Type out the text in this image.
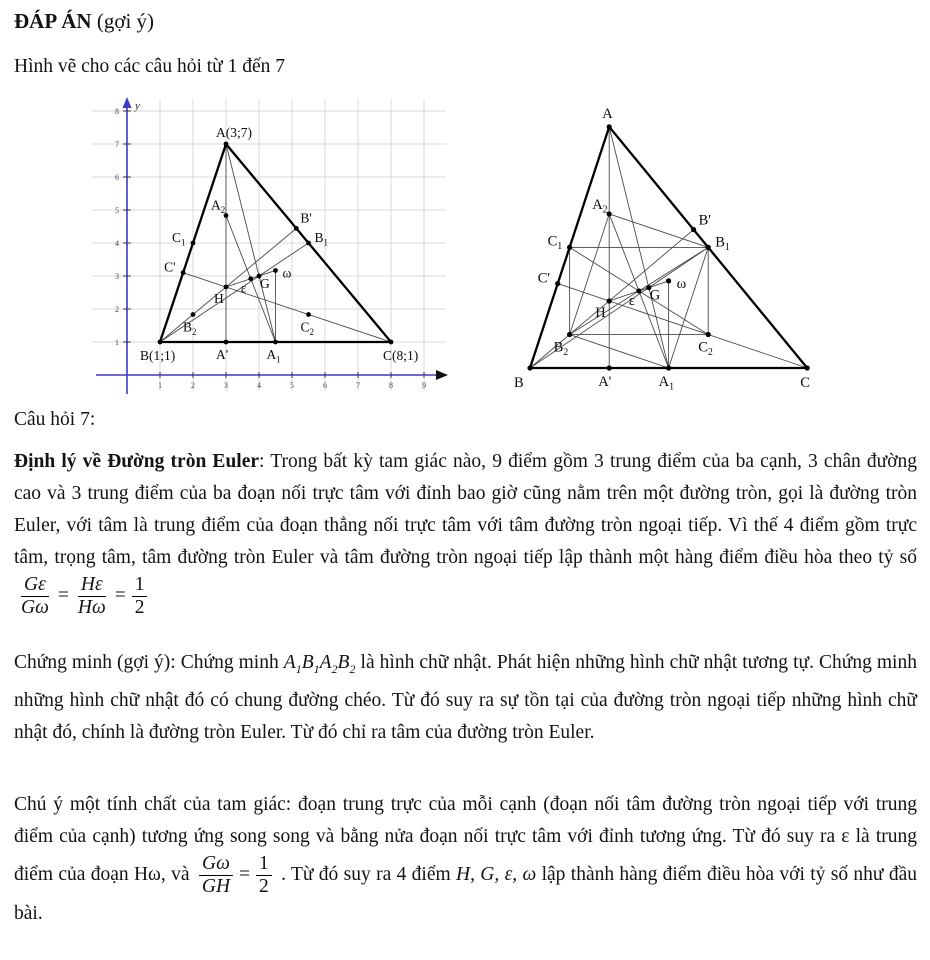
ĐÁP ÁN (gợi ý)
Hình vẽ cho các câu hỏi từ 1 đến 7
y
1	2	3	4	5	6	7	8	9
1
2
3
4
5
6
7
8
A(3;7)
B(1;1)	C(8;1)
A'	$A_1$
$A_2$
B'
$B_1$
$B_2$
C'
$C_1$
$C_2$
H
G
ε
ω
A
B	C
A'	$A_1$
$A_2$
B'
$B_1$
$B_2$
C'
$C_1$
$C_2$
H
G
ε
ω
Câu hỏi 7:

Định lý về Đường tròn Euler: Trong bất kỳ tam giác nào, 9 điểm gồm 3 trung điểm của ba cạnh, 3 chân đường cao và 3 trung điểm của ba đoạn nối trực tâm với đỉnh bao giờ cũng nằm trên một đường tròn, gọi là đường tròn Euler, với tâm là trung điểm của đoạn thẳng nối trực tâm với tâm đường tròn ngoại tiếp. Vì thế 4 điểm gồm trực tâm, trọng tâm, tâm đường tròn Euler và tâm đường tròn ngoại tiếp lập thành một hàng điểm điều hòa theo tỷ số
$\frac{G\varepsilon}{G\omega} = \frac{H\varepsilon}{H\omega} = \frac{1}{2}$

Chứng minh (gợi ý): Chứng minh $A_1B_1A_2B_2$ là hình chữ nhật. Phát hiện những hình chữ nhật tương tự. Chứng minh những hình chữ nhật đó có chung đường chéo. Từ đó suy ra sự tồn tại của đường tròn ngoại tiếp những hình chữ nhật đó, chính là đường tròn Euler. Từ đó chỉ ra tâm của đường tròn Euler.

Chú ý một tính chất của tam giác: đoạn trung trực của mỗi cạnh (đoạn nối tâm đường tròn ngoại tiếp với trung điểm của cạnh) tương ứng song song và bằng nửa đoạn nối trực tâm với đỉnh tương ứng. Từ đó suy ra ε là trung điểm của đoạn Hω, và $\frac{G\omega}{GH} = \frac{1}{2}$ . Từ đó suy ra 4 điểm H, G, ε, ω lập thành hàng điểm điều hòa với tỷ số như đầu bài.
